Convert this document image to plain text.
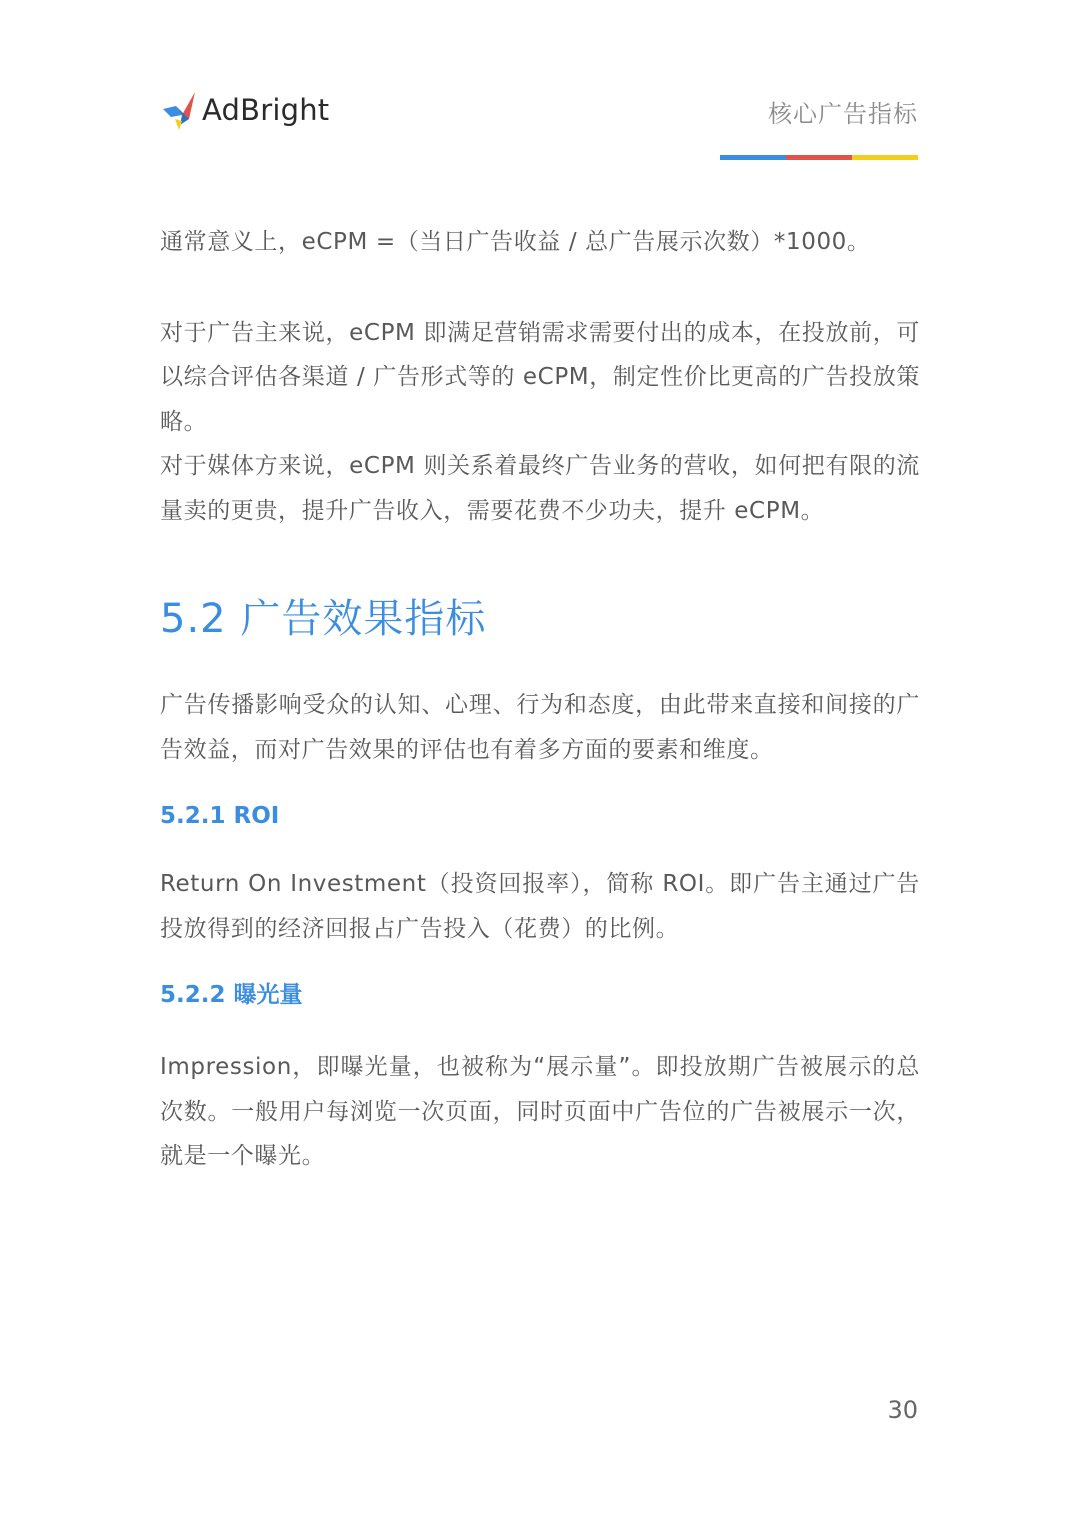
AdBright	核心广告指标

通常意义上，eCPM =（当日广告收益 / 总广告展示次数）*1000。

对于广告主来说，eCPM 即满足营销需求需要付出的成本，在投放前，可以综合评估各渠道 / 广告形式等的 eCPM，制定性价比更高的广告投放策略。

对于媒体方来说，eCPM 则关系着最终广告业务的营收，如何把有限的流量卖的更贵，提升广告收入，需要花费不少功夫，提升 eCPM。

5.2 广告效果指标

广告传播影响受众的认知、心理、行为和态度，由此带来直接和间接的广告效益，而对广告效果的评估也有着多方面的要素和维度。

5.2.1 ROI

Return On Investment（投资回报率），简称 ROI。即广告主通过广告投放得到的经济回报占广告投入（花费）的比例。

5.2.2 曝光量

Impression，即曝光量，也被称为“展示量”。即投放期广告被展示的总次数。一般用户每浏览一次页面，同时页面中广告位的广告被展示一次，就是一个曝光。

30
